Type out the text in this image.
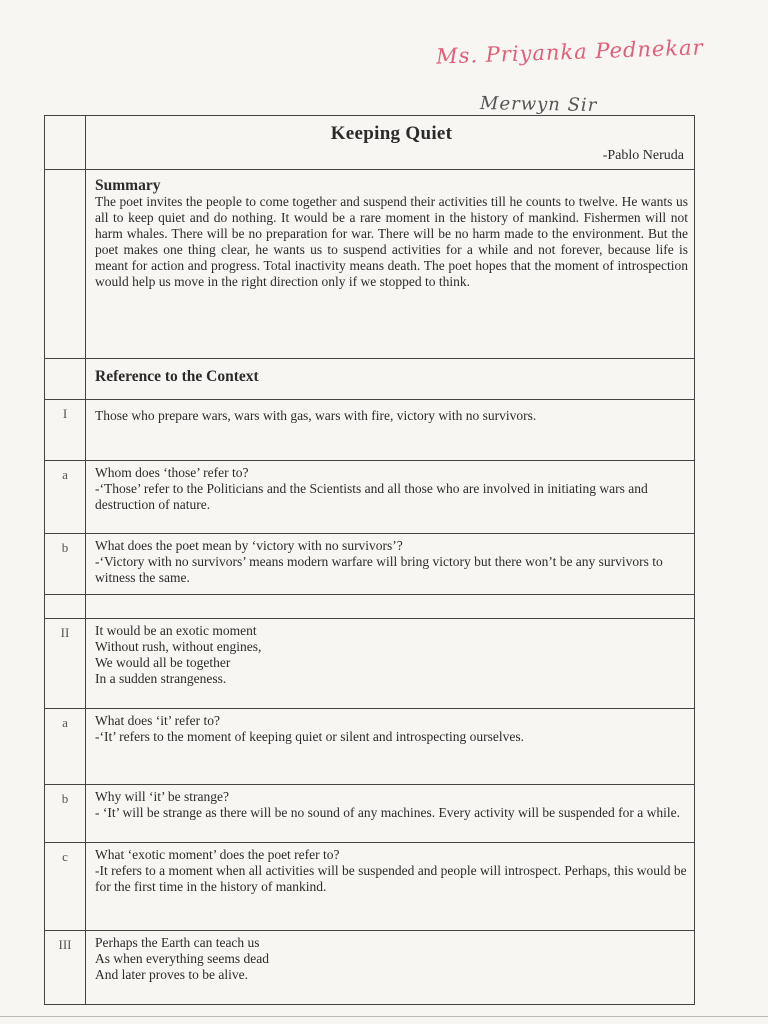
Ms. Priyanka Pednekar
Merwyn Sir

	Keeping Quiet
-Pablo Neruda

	Summary

The poet invites the people to come together and suspend their activities till he counts to twelve. He wants us all to keep quiet and do nothing. It would be a rare moment in the history of mankind. Fishermen will not harm whales. There will be no preparation for war. There will be no harm made to the environment. But the poet makes one thing clear, he wants us to suspend activities for a while and not forever, because life is meant for action and progress. Total inactivity means death. The poet hopes that the moment of introspection would help us move in the right direction only if we stopped to think.

	Reference to the Context

I	Those who prepare wars, wars with gas, wars with fire, victory with no survivors.

a	Whom does ‘those’ refer to?
-‘Those’ refer to the Politicians and the Scientists and all those who are involved in initiating wars and destruction of nature.

b	What does the poet mean by ‘victory with no survivors’?
-‘Victory with no survivors’ means modern warfare will bring victory but there won’t be any survivors to witness the same.

II	It would be an exotic moment
Without rush, without engines,
We would all be together
In a sudden strangeness.

a	What does ‘it’ refer to?
-‘It’ refers to the moment of keeping quiet or silent and introspecting ourselves.

b	Why will ‘it’ be strange?
- ‘It’ will be strange as there will be no sound of any machines. Every activity will be suspended for a while.

c	What ‘exotic moment’ does the poet refer to?
-It refers to a moment when all activities will be suspended and people will introspect. Perhaps, this would be for the first time in the history of mankind.

III	Perhaps the Earth can teach us
As when everything seems dead
And later proves to be alive.
